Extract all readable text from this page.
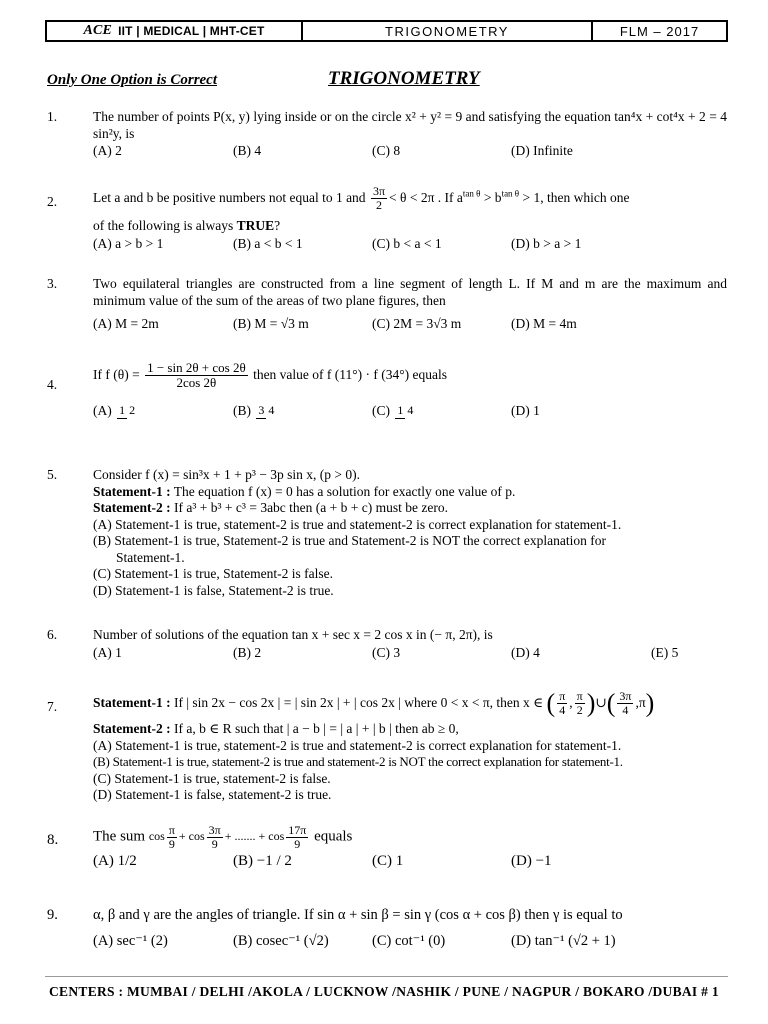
ACE IIT | MEDICAL | MHT-CET	TRIGONOMETRY	FLM – 2017
Only One Option is Correct	TRIGONOMETRY
1.	The number of points P(x, y) lying inside or on the circle x² + y² = 9 and satisfying the equation tan⁴x + cot⁴x + 2 = 4 sin²y, is
(A) 2	(B) 4	(C) 8	(D) Infinite
2.	Let a and b be positive numbers not equal to 1 and $\frac{3\pi}{2} < \theta < 2\pi$ . If $a^{tan \theta} > b^{tan \theta} > 1$, then which one
of the following is always TRUE?
(A) a > b > 1	(B) a < b < 1	(C) b < a < 1	(D) b > a > 1
3.	Two equilateral triangles are constructed from a line segment of length L. If M and m are the maximum and minimum value of the sum of the areas of two plane figures, then
(A) M = 2m	(B) M = √3 m	(C) 2M = 3√3 m	(D) M = 4m
4.
If f $(\theta) = \frac{1 - \sin 2\theta + \cos 2\theta}{2\cos 2\theta}$ then value of f (11°) · f (34°) equals
(A) 1 2	(B) 3 4	(C) 1 4	(D) 1
5.	Consider f (x) = sin³x + 1 + p³ − 3p sin x, (p > 0).
Statement-1 : The equation f (x) = 0 has a solution for exactly one value of p.
Statement-2 : If a³ + b³ + c³ = 3abc then (a + b + c) must be zero.
(A) Statement-1 is true, statement-2 is true and statement-2 is correct explanation for statement-1.
(B) Statement-1 is true, Statement-2 is true and Statement-2 is NOT the correct explanation for
Statement-1.
(C) Statement-1 is true, Statement-2 is false.
(D) Statement-1 is false, Statement-2 is true.
6.	Number of solutions of the equation tan x + sec x = 2 cos x in (− π, 2π), is
(A) 1	(B) 2	(C) 3	(D) 4	(E) 5
7.	Statement-1 : If | sin 2x − cos 2x | = | sin 2x | + | cos 2x | where 0 < x < π, then x ∈ ( $\frac{\pi}{4}$ , $\frac{\pi}{2}$ )∪( $\frac{3\pi}{4} ,\pi$)
Statement-2 : If a, b ∈ R such that | a − b | = | a | + | b | then ab ≥ 0,
(A) Statement-1 is true, statement-2 is true and statement-2 is correct explanation for statement-1.
(B) Statement-1 is true, statement-2 is true and statement-2 is NOT the correct explanation for statement-1.
(C) Statement-1 is true, statement-2 is false.
(D) Statement-1 is false, statement-2 is true.
8. The sum $\cos \frac{\pi}{9} + \cos \frac{3\pi}{9}$ + ....... + $\cos \frac{17\pi}{9}$ equals
(A) 1/2	(B) −1 / 2	(C) 1	(D) −1
9. α, β and γ are the angles of triangle. If sin α + sin β = sin γ (cos α + cos β) then γ is equal to
(A) sec⁻¹ (2)	(B) cosec⁻¹ (√2)	(C) cot⁻¹ (0)	(D) tan⁻¹ (√2 + 1)
CENTERS : MUMBAI / DELHI /AKOLA / LUCKNOW /NASHIK / PUNE / NAGPUR / BOKARO /DUBAI # 1
